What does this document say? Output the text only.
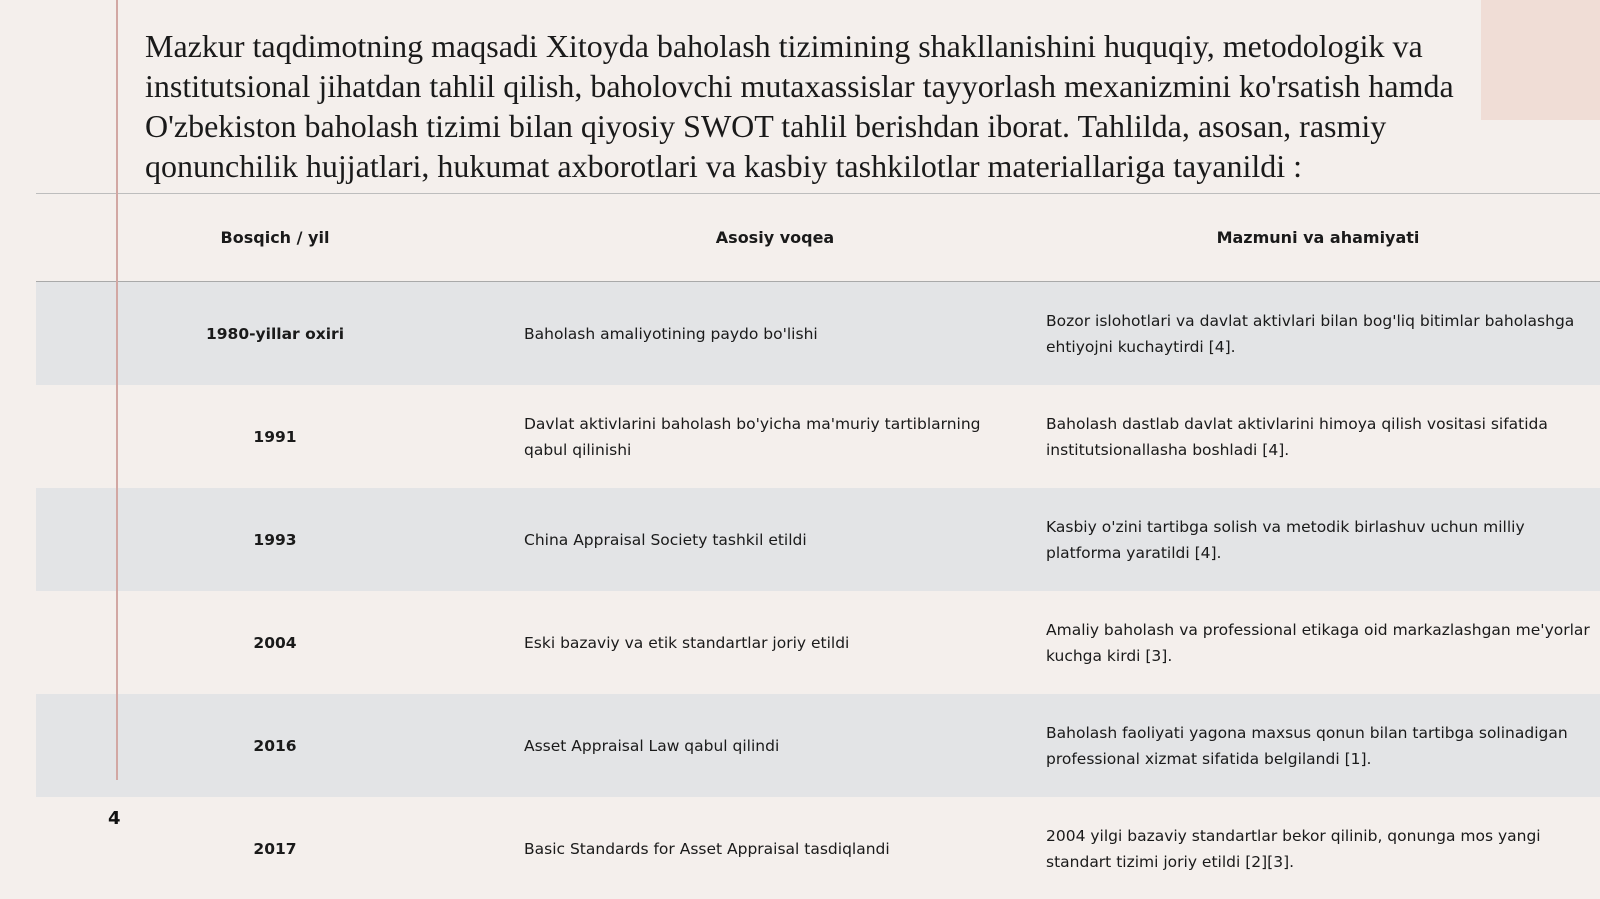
Mazkur taqdimotning maqsadi Xitoyda baholash tizimining shakllanishini huquqiy, metodologik va institutsional jihatdan tahlil qilish, baholovchi mutaxassislar tayyorlash mexanizmini ko'rsatish hamda O'zbekiston baholash tizimi bilan qiyosiy SWOT tahlil berishdan iborat. Tahlilda, asosan, rasmiy qonunchilik hujjatlari, hukumat axborotlari va kasbiy tashkilotlar materiallariga tayanildi :

Bosqich / yil	Asosiy voqea	Mazmuni va ahamiyati
1980-yillar oxiri	Baholash amaliyotining paydo bo'lishi	Bozor islohotlari va davlat aktivlari bilan bog'liq bitimlar baholashga ehtiyojni kuchaytirdi [4].
1991	Davlat aktivlarini baholash bo'yicha ma'muriy tartiblarning qabul qilinishi	Baholash dastlab davlat aktivlarini himoya qilish vositasi sifatida institutsionallasha boshladi [4].
1993	China Appraisal Society tashkil etildi	Kasbiy o'zini tartibga solish va metodik birlashuv uchun milliy platforma yaratildi [4].
2004	Eski bazaviy va etik standartlar joriy etildi	Amaliy baholash va professional etikaga oid markazlashgan me'yorlar kuchga kirdi [3].
2016	Asset Appraisal Law qabul qilindi	Baholash faoliyati yagona maxsus qonun bilan tartibga solinadigan professional xizmat sifatida belgilandi [1].
2017	Basic Standards for Asset Appraisal tasdiqlandi	2004 yilgi bazaviy standartlar bekor qilinib, qonunga mos yangi standart tizimi joriy etildi [2][3].
4
